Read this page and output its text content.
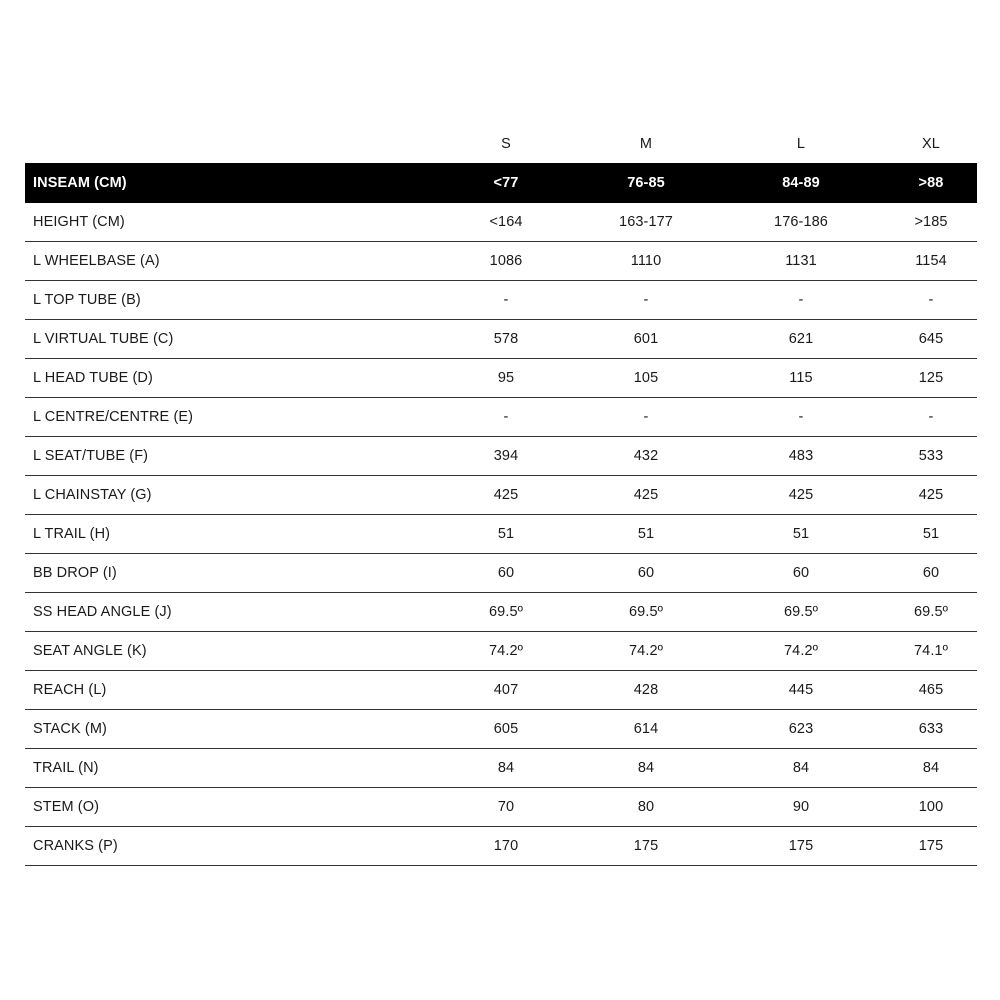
	S	M	L	XL
INSEAM (CM)	<77	76-85	84-89	>88
HEIGHT (CM)	<164	163-177	176-186	>185
L WHEELBASE (A)	1086	1110	1131	1154
L TOP TUBE (B)	-	-	-	-
L VIRTUAL TUBE (C)	578	601	621	645
L HEAD TUBE (D)	95	105	115	125
L CENTRE/CENTRE (E)	-	-	-	-
L SEAT/TUBE (F)	394	432	483	533
L CHAINSTAY (G)	425	425	425	425
L TRAIL (H)	51	51	51	51
BB DROP (I)	60	60	60	60
SS HEAD ANGLE (J)	69.5º	69.5º	69.5º	69.5º
SEAT ANGLE (K)	74.2º	74.2º	74.2º	74.1º
REACH (L)	407	428	445	465
STACK (M)	605	614	623	633
TRAIL (N)	84	84	84	84
STEM (O)	70	80	90	100
CRANKS (P)	170	175	175	175
